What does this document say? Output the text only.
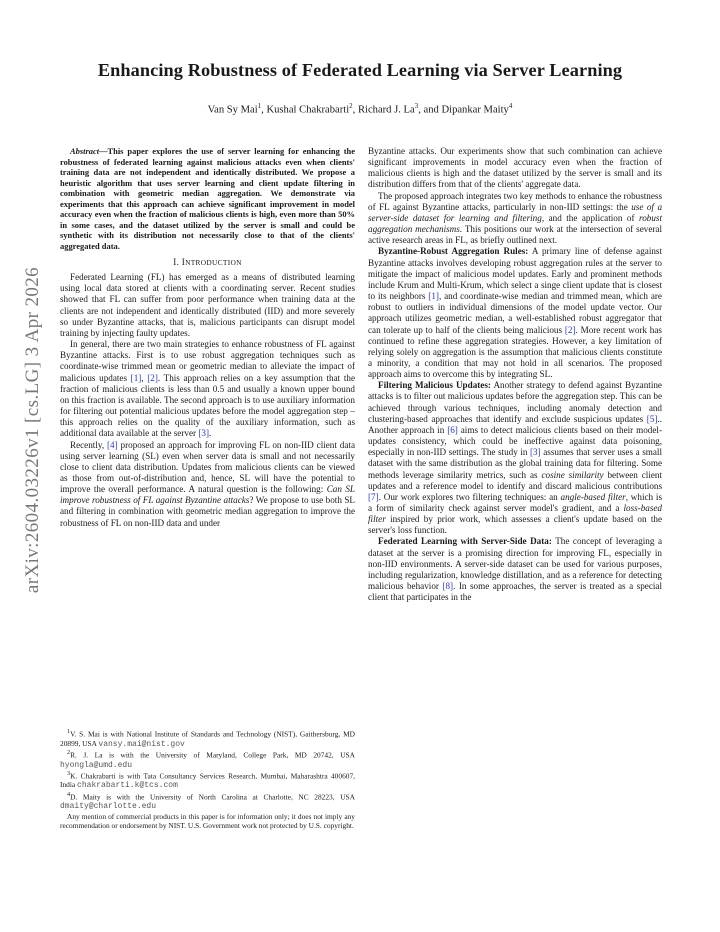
arXiv:2604.03226v1 [cs.LG] 3 Apr 2026
Enhancing Robustness of Federated Learning via Server Learning
Van Sy Mai$^1$, Kushal Chakrabarti$^2$, Richard J. La$^3$, and Dipankar Maity$^4$

Abstract—This paper explores the use of server learning for enhancing the robustness of federated learning against malicious attacks even when clients' training data are not independent and identically distributed. We propose a heuristic algorithm that uses server learning and client update filtering in combination with geometric median aggregation. We demonstrate via experiments that this approach can achieve significant improvement in model accuracy even when the fraction of malicious clients is high, even more than 50% in some cases, and the dataset utilized by the server is small and could be synthetic with its distribution not necessarily close to that of the clients' aggregated data.

I. INTRODUCTION

Federated Learning (FL) has emerged as a means of distributed learning using local data stored at clients with a coordinating server. Recent studies showed that FL can suffer from poor performance when training data at the clients are not independent and identically distributed (IID) and more severely so under Byzantine attacks, that is, malicious participants can disrupt model training by injecting faulty updates.

In general, there are two main strategies to enhance robustness of FL against Byzantine attacks. First is to use robust aggregation techniques such as coordinate-wise trimmed mean or geometric median to alleviate the impact of malicious updates [1], [2]. This approach relies on a key assumption that the fraction of malicious clients is less than 0.5 and usually a known upper bound on this fraction is available. The second approach is to use auxiliary information for filtering out potential malicious updates before the model aggregation step – this approach relies on the quality of the auxiliary information, such as additional data available at the server [3].

Recently, [4] proposed an approach for improving FL on non-IID client data using server learning (SL) even when server data is small and not necessarily close to client data distribution. Updates from malicious clients can be viewed as those from out-of-distribution and, hence, SL will have the potential to improve the overall performance. A natural question is the following: Can SL improve robustness of FL against Byzantine attacks? We propose to use both SL and filtering in combination with geometric median aggregation to improve the robustness of FL on non-IID data and under

$^1$V. S. Mai is with National Institute of Standards and Technology (NIST), Gaithersburg, MD 20899, USA vansy.mai@nist.gov

$^2$R. J. La is with the University of Maryland, College Park, MD 20742, USA hyongla@umd.edu

$^3$K. Chakrabarti is with Tata Consultancy Services Research, Mumbai, Maharashtra 400607, India chakrabarti.k@tcs.com

$^4$D. Maity is with the University of North Carolina at Charlotte, NC 28223, USA dmaity@charlotte.edu

Any mention of commercial products in this paper is for information only; it does not imply any recommendation or endorsement by NIST. U.S. Government work not protected by U.S. copyright.

Byzantine attacks. Our experiments show that such combination can achieve significant improvements in model accuracy even when the fraction of malicious clients is high and the dataset utilized by the server is small and its distribution differs from that of the clients' aggregate data.

The proposed approach integrates two key methods to enhance the robustness of FL against Byzantine attacks, particularly in non-IID settings: the use of a server-side dataset for learning and filtering, and the application of robust aggregation mechanisms. This positions our work at the intersection of several active research areas in FL, as briefly outlined next.

Byzantine-Robust Aggregation Rules: A primary line of defense against Byzantine attacks involves developing robust aggregation rules at the server to mitigate the impact of malicious model updates. Early and prominent methods include Krum and Multi-Krum, which select a singe client update that is closest to its neighbors [1], and coordinate-wise median and trimmed mean, which are robust to outliers in individual dimensions of the model update vector. Our approach utilizes geometric median, a well-established robust aggregator that can tolerate up to half of the clients being malicious [2]. More recent work has continued to refine these aggregation strategies. However, a key limitation of relying solely on aggregation is the assumption that malicious clients constitute a minority, a condition that may not hold in all scenarios. The proposed approach aims to overcome this by integrating SL.

Filtering Malicious Updates: Another strategy to defend against Byzantine attacks is to filter out malicious updates before the aggregation step. This can be achieved through various techniques, including anomaly detection and clustering-based approaches that identify and exclude suspicious updates [5].. Another approach in [6] aims to detect malicious clients based on their model-updates consistency, which could be ineffective against data poisoning, especially in non-IID settings. The study in [3] assumes that server uses a small dataset with the same distribution as the global training data for filtering. Some methods leverage similarity metrics, such as cosine similarity between client updates and a reference model to identify and discard malicious contributions [7]. Our work explores two filtering techniques: an angle-based filter, which is a form of similarity check against server model's gradient, and a loss-based filter inspired by prior work, which assesses a client's update based on the server's loss function.

Federated Learning with Server-Side Data: The concept of leveraging a dataset at the server is a promising direction for improving FL, especially in non-IID environments. A server-side dataset can be used for various purposes, including regularization, knowledge distillation, and as a reference for detecting malicious behavior [8]. In some approaches, the server is treated as a special client that participates in the
